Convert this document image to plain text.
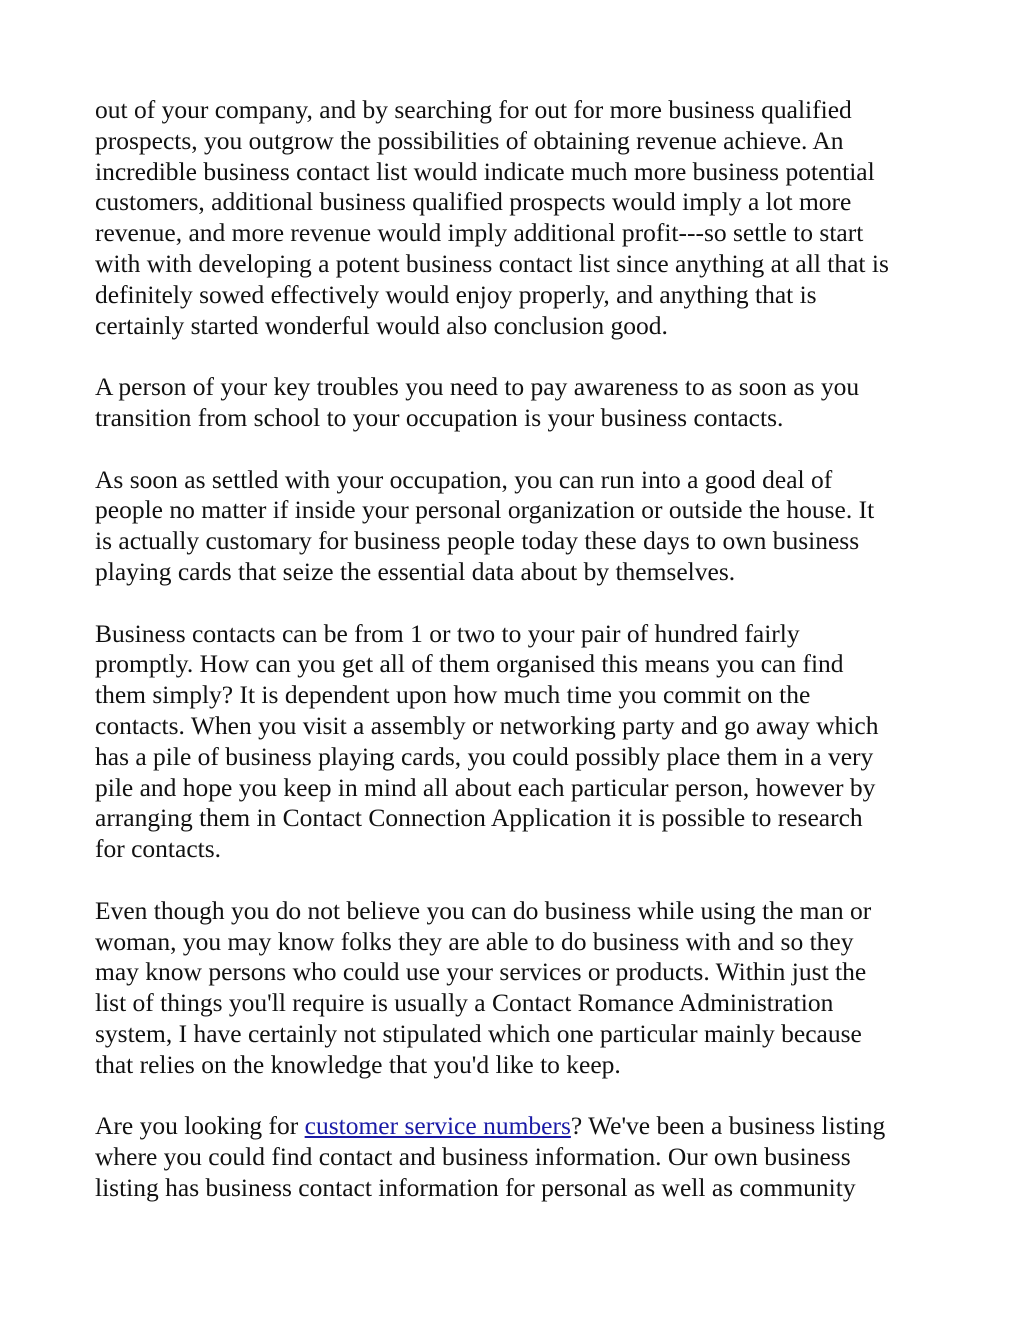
out of your company, and by searching for out for more business qualified
prospects, you outgrow the possibilities of obtaining revenue achieve. An
incredible business contact list would indicate much more business potential
customers, additional business qualified prospects would imply a lot more
revenue, and more revenue would imply additional profit---so settle to start
with with developing a potent business contact list since anything at all that is
definitely sowed effectively would enjoy properly, and anything that is
certainly started wonderful would also conclusion good.

A person of your key troubles you need to pay awareness to as soon as you
transition from school to your occupation is your business contacts.

As soon as settled with your occupation, you can run into a good deal of
people no matter if inside your personal organization or outside the house. It
is actually customary for business people today these days to own business
playing cards that seize the essential data about by themselves.

Business contacts can be from 1 or two to your pair of hundred fairly
promptly. How can you get all of them organised this means you can find
them simply? It is dependent upon how much time you commit on the
contacts. When you visit a assembly or networking party and go away which
has a pile of business playing cards, you could possibly place them in a very
pile and hope you keep in mind all about each particular person, however by
arranging them in Contact Connection Application it is possible to research
for contacts.

Even though you do not believe you can do business while using the man or
woman, you may know folks they are able to do business with and so they
may know persons who could use your services or products. Within just the
list of things you'll require is usually a Contact Romance Administration
system, I have certainly not stipulated which one particular mainly because
that relies on the knowledge that you'd like to keep.

Are you looking for customer service numbers? We've been a business listing
where you could find contact and business information. Our own business
listing has business contact information for personal as well as community
